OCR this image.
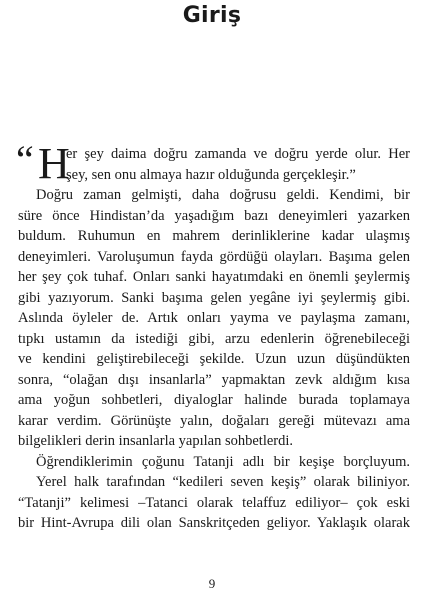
Giriş
“ H
er şey daima doğru zamanda ve doğru yerde olur. Her
şey, sen onu almaya hazır olduğunda gerçekleşir.”
Doğru zaman gelmişti, daha doğrusu geldi. Kendimi, bir
süre önce Hindistan’da yaşadığım bazı deneyimleri yazarken
buldum. Ruhumun en mahrem derinliklerine kadar ulaşmış
deneyimleri. Varoluşumun fayda gördüğü olayları. Başıma gelen
her şey çok tuhaf. Onları sanki hayatımdaki en önemli şeylermiş
gibi yazıyorum. Sanki başıma gelen yegâne iyi şeylermiş gibi.
Aslında öyleler de. Artık onları yayma ve paylaşma zamanı,
tıpkı ustamın da istediği gibi, arzu edenlerin öğrenebileceği
ve kendini geliştirebileceği şekilde. Uzun uzun düşündükten
sonra, “olağan dışı insanlarla” yapmaktan zevk aldığım kısa
ama yoğun sohbetleri, diyaloglar halinde burada toplamaya
karar verdim. Görünüşte yalın, doğaları gereği mütevazı ama
bilgelikleri derin insanlarla yapılan sohbetlerdi.
Öğrendiklerimin çoğunu Tatanji adlı bir keşişe borçluyum.
Yerel halk tarafından “kedileri seven keşiş” olarak biliniyor.
“Tatanji” kelimesi –Tatanci olarak telaffuz ediliyor– çok eski
bir Hint-Avrupa dili olan Sanskritçeden geliyor. Yaklaşık olarak
9
